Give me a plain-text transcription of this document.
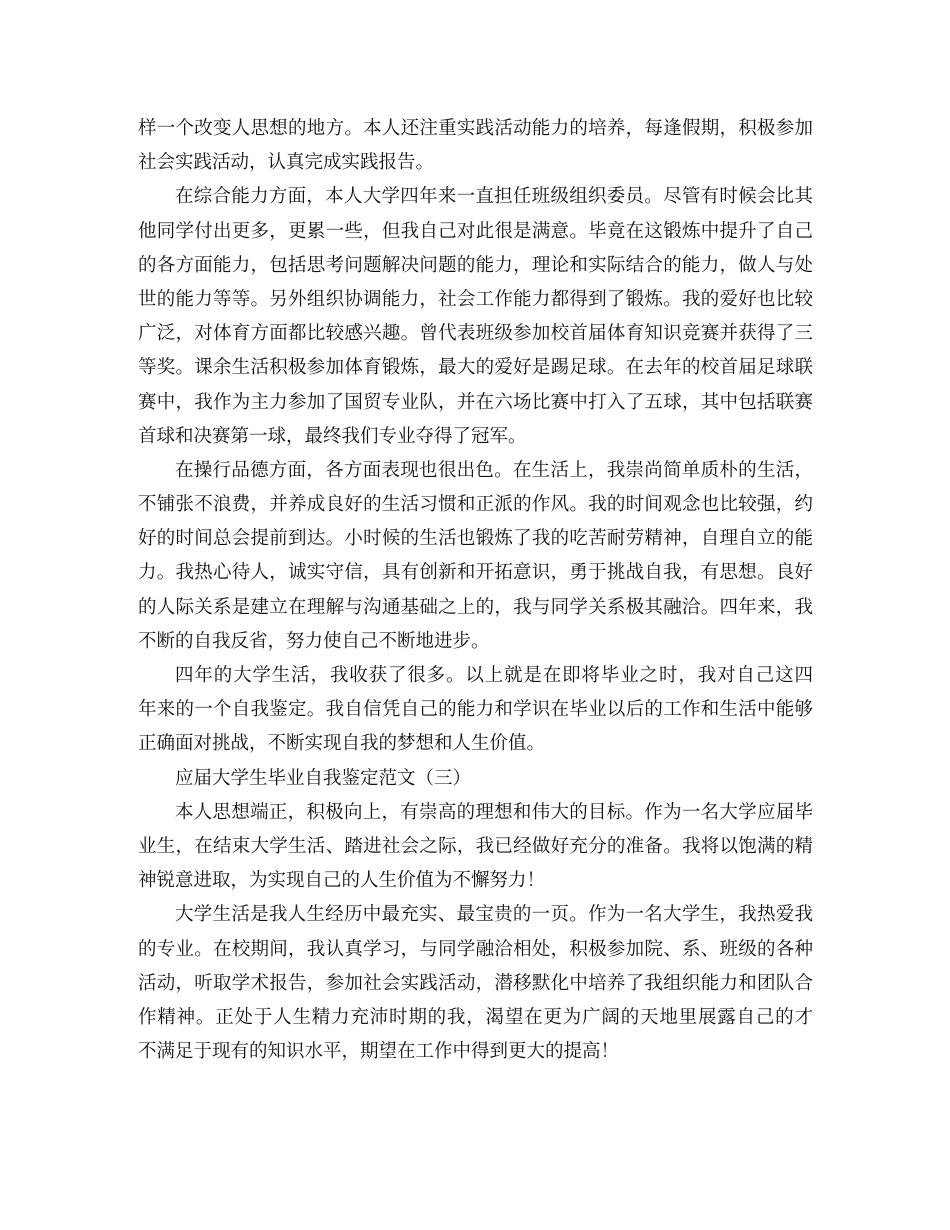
样一个改变人思想的地方。本人还注重实践活动能力的培养，每逢假期，积极参加
社会实践活动，认真完成实践报告。
在综合能力方面，本人大学四年来一直担任班级组织委员。尽管有时候会比其
他同学付出更多，更累一些，但我自己对此很是满意。毕竟在这锻炼中提升了自己
的各方面能力，包括思考问题解决问题的能力，理论和实际结合的能力，做人与处
世的能力等等。另外组织协调能力，社会工作能力都得到了锻炼。我的爱好也比较
广泛，对体育方面都比较感兴趣。曾代表班级参加校首届体育知识竞赛并获得了三
等奖。课余生活积极参加体育锻炼，最大的爱好是踢足球。在去年的校首届足球联
赛中，我作为主力参加了国贸专业队，并在六场比赛中打入了五球，其中包括联赛
首球和决赛第一球，最终我们专业夺得了冠军。
在操行品德方面，各方面表现也很出色。在生活上，我崇尚简单质朴的生活，
不铺张不浪费，并养成良好的生活习惯和正派的作风。我的时间观念也比较强，约
好的时间总会提前到达。小时候的生活也锻炼了我的吃苦耐劳精神，自理自立的能
力。我热心待人，诚实守信，具有创新和开拓意识，勇于挑战自我，有思想。良好
的人际关系是建立在理解与沟通基础之上的，我与同学关系极其融洽。四年来，我
不断的自我反省，努力使自己不断地进步。
四年的大学生活，我收获了很多。以上就是在即将毕业之时，我对自己这四
年来的一个自我鉴定。我自信凭自己的能力和学识在毕业以后的工作和生活中能够
正确面对挑战，不断实现自我的梦想和人生价值。
应届大学生毕业自我鉴定范文（三）
本人思想端正，积极向上，有崇高的理想和伟大的目标。作为一名大学应届毕
业生，在结束大学生活、踏进社会之际，我已经做好充分的准备。我将以饱满的精
神锐意进取，为实现自己的人生价值为不懈努力！
大学生活是我人生经历中最充实、最宝贵的一页。作为一名大学生，我热爱我
的专业。在校期间，我认真学习，与同学融洽相处，积极参加院、系、班级的各种
活动，听取学术报告，参加社会实践活动，潜移默化中培养了我组织能力和团队合
作精神。正处于人生精力充沛时期的我，渴望在更为广阔的天地里展露自己的才
不满足于现有的知识水平，期望在工作中得到更大的提高！
